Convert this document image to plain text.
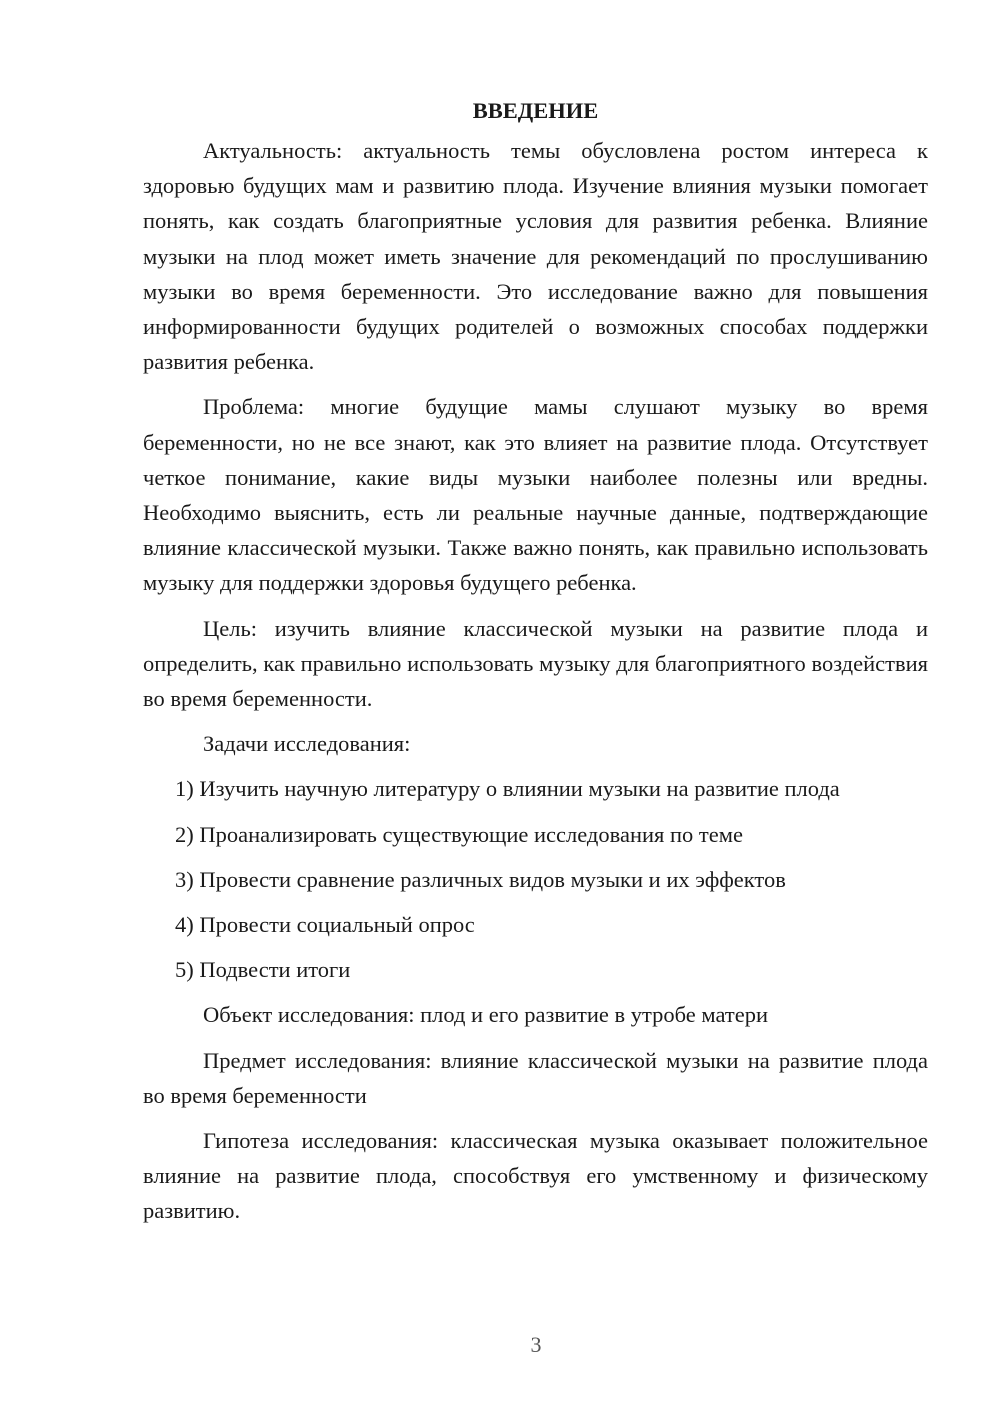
ВВЕДЕНИЕ

Актуальность: актуальность темы обусловлена ростом интереса к здоровью будущих мам и развитию плода. Изучение влияния музыки помогает понять, как создать благоприятные условия для развития ребенка. Влияние музыки на плод может иметь значение для рекомендаций по прослушиванию музыки во время беременности. Это исследование важно для повышения информированности будущих родителей о возможных способах поддержки развития ребенка.

Проблема: многие будущие мамы слушают музыку во время беременности, но не все знают, как это влияет на развитие плода. Отсутствует четкое понимание, какие виды музыки наиболее полезны или вредны. Необходимо выяснить, есть ли реальные научные данные, подтверждающие влияние классической музыки. Также важно понять, как правильно использовать музыку для поддержки здоровья будущего ребенка.

Цель: изучить влияние классической музыки на развитие плода и определить, как правильно использовать музыку для благоприятного воздействия во время беременности.

Задачи исследования:

1) Изучить научную литературу о влиянии музыки на развитие плода
2) Проанализировать существующие исследования по теме
3) Провести сравнение различных видов музыки и их эффектов
4) Провести социальный опрос
5) Подвести итоги

Объект исследования: плод и его развитие в утробе матери

Предмет исследования: влияние классической музыки на развитие плода во время беременности

Гипотеза исследования: классическая музыка оказывает положительное влияние на развитие плода, способствуя его умственному и физическому развитию.

3
